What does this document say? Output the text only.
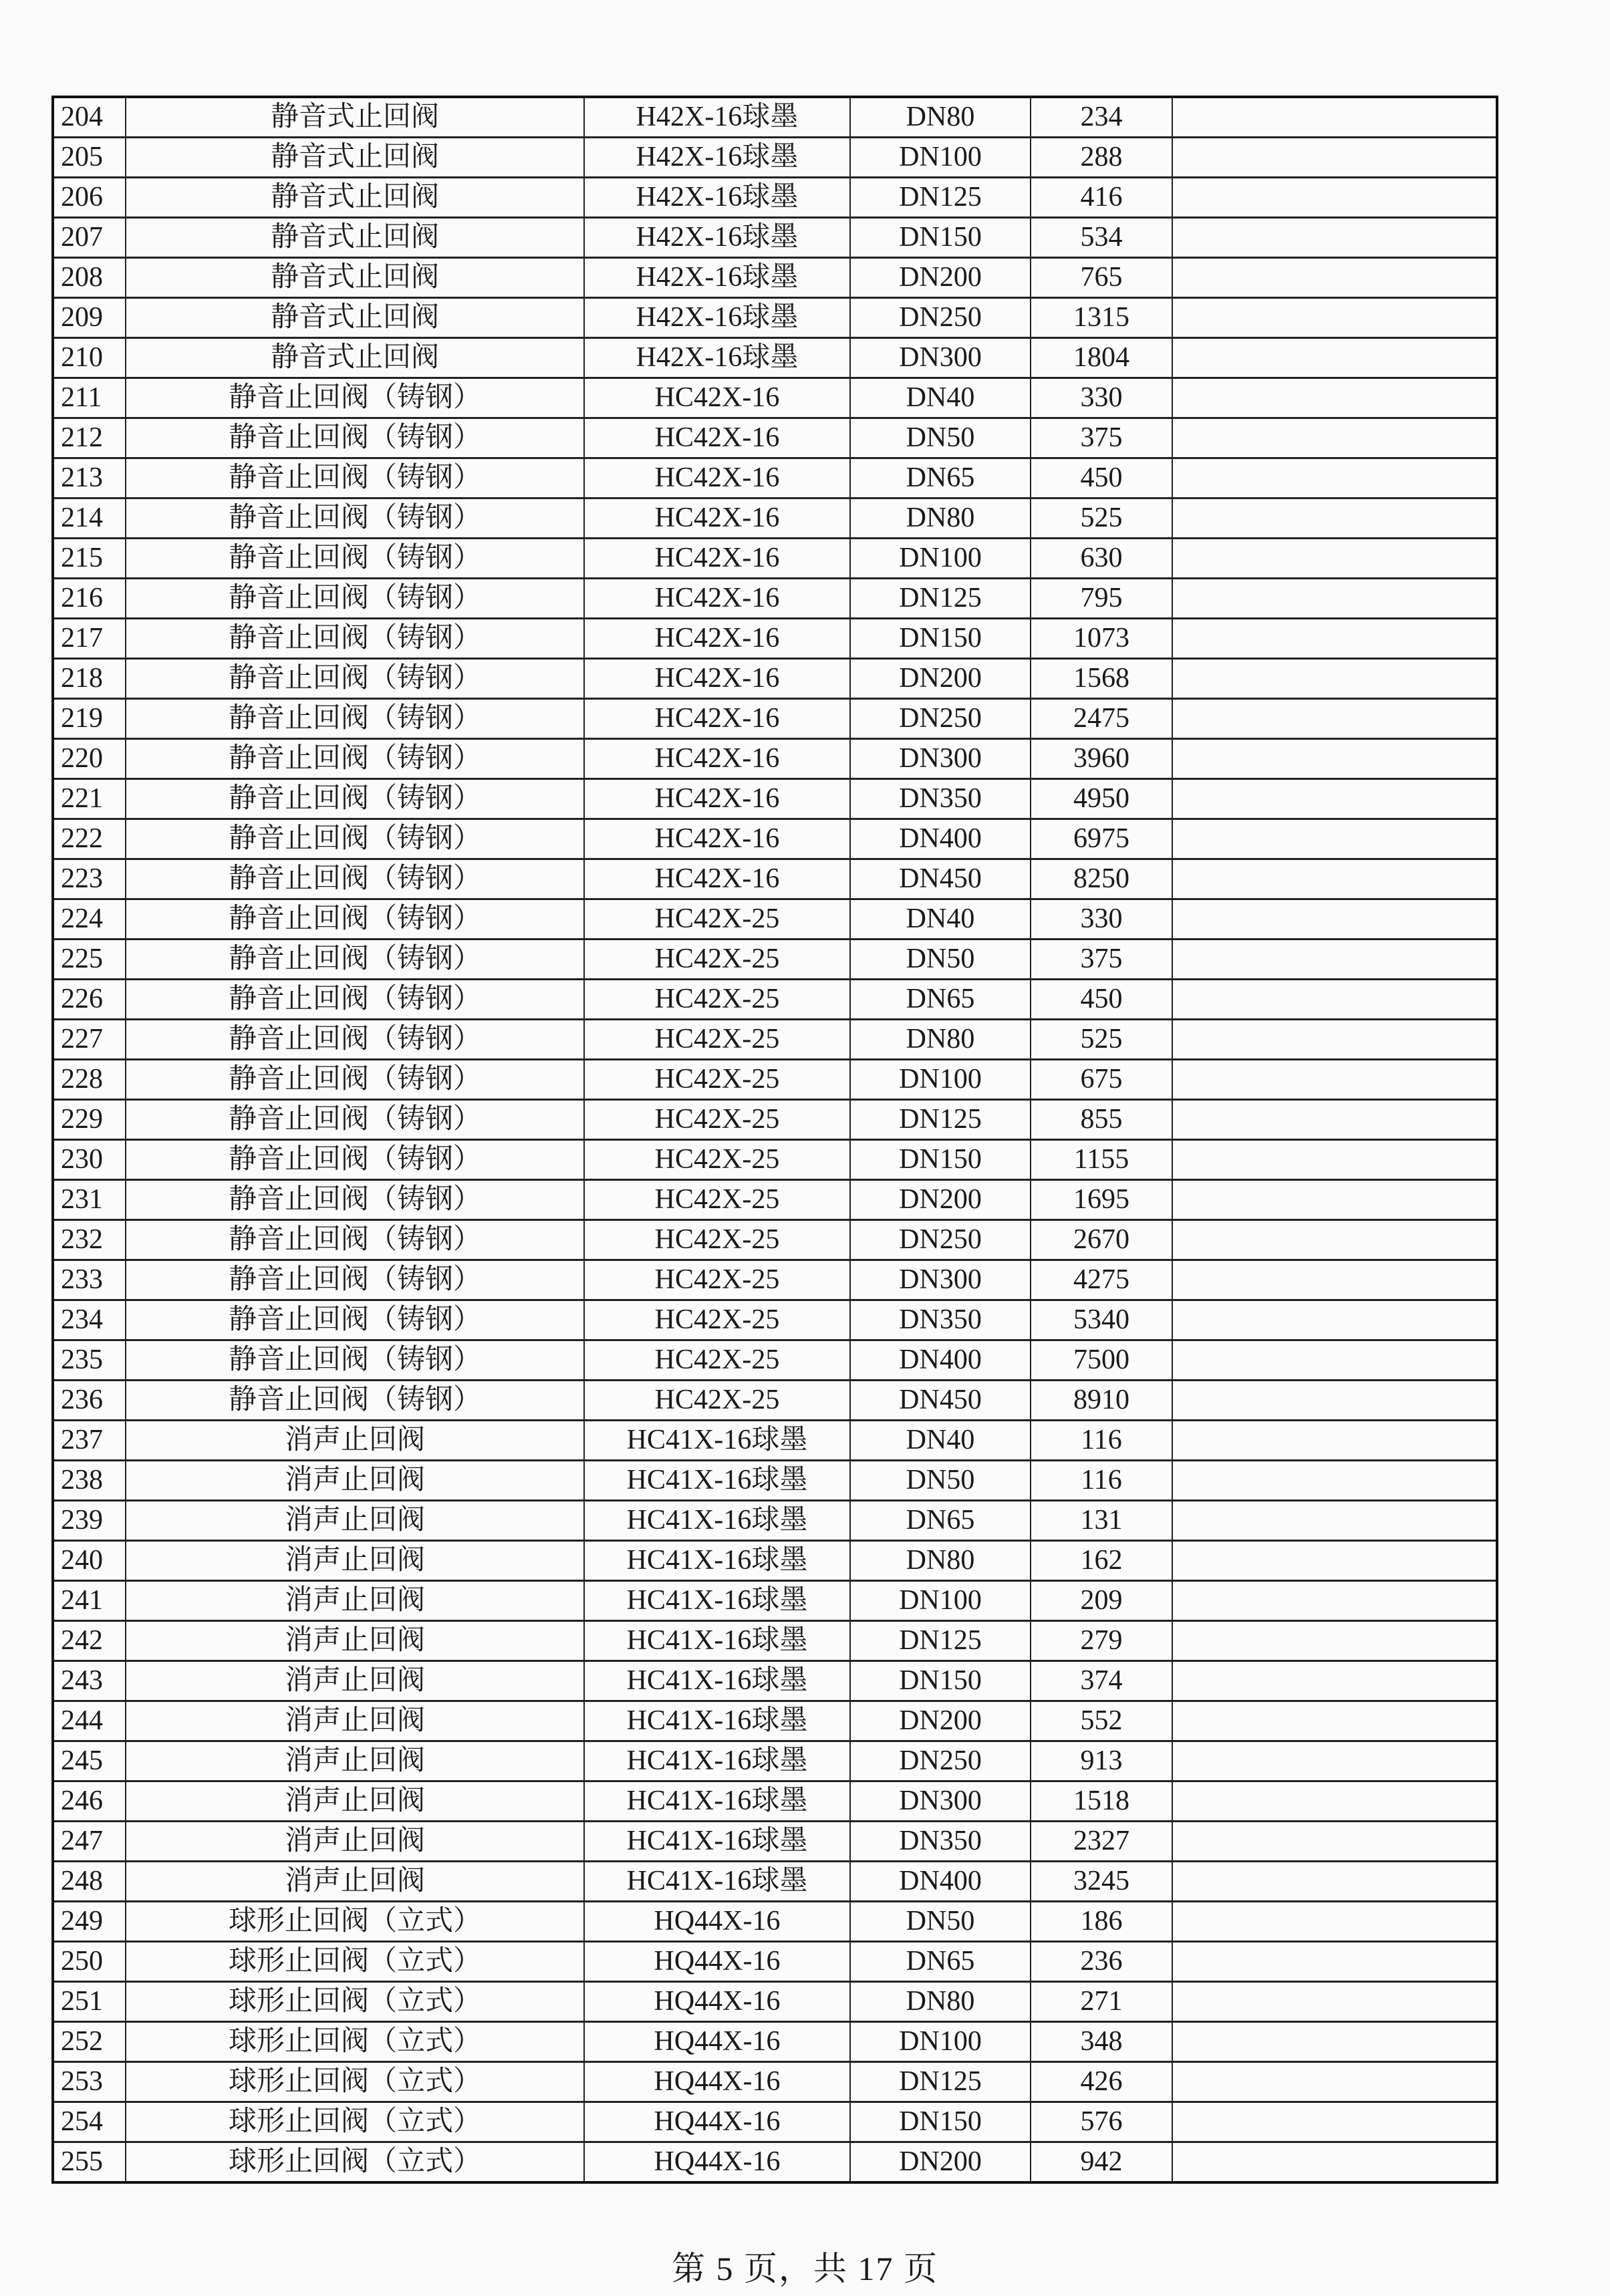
204	静音式止回阀	H42X-16球墨	DN80	234	
205	静音式止回阀	H42X-16球墨	DN100	288	
206	静音式止回阀	H42X-16球墨	DN125	416	
207	静音式止回阀	H42X-16球墨	DN150	534	
208	静音式止回阀	H42X-16球墨	DN200	765	
209	静音式止回阀	H42X-16球墨	DN250	1315	
210	静音式止回阀	H42X-16球墨	DN300	1804	
211	静音止回阀（铸钢）	HC42X-16	DN40	330	
212	静音止回阀（铸钢）	HC42X-16	DN50	375	
213	静音止回阀（铸钢）	HC42X-16	DN65	450	
214	静音止回阀（铸钢）	HC42X-16	DN80	525	
215	静音止回阀（铸钢）	HC42X-16	DN100	630	
216	静音止回阀（铸钢）	HC42X-16	DN125	795	
217	静音止回阀（铸钢）	HC42X-16	DN150	1073	
218	静音止回阀（铸钢）	HC42X-16	DN200	1568	
219	静音止回阀（铸钢）	HC42X-16	DN250	2475	
220	静音止回阀（铸钢）	HC42X-16	DN300	3960	
221	静音止回阀（铸钢）	HC42X-16	DN350	4950	
222	静音止回阀（铸钢）	HC42X-16	DN400	6975	
223	静音止回阀（铸钢）	HC42X-16	DN450	8250	
224	静音止回阀（铸钢）	HC42X-25	DN40	330	
225	静音止回阀（铸钢）	HC42X-25	DN50	375	
226	静音止回阀（铸钢）	HC42X-25	DN65	450	
227	静音止回阀（铸钢）	HC42X-25	DN80	525	
228	静音止回阀（铸钢）	HC42X-25	DN100	675	
229	静音止回阀（铸钢）	HC42X-25	DN125	855	
230	静音止回阀（铸钢）	HC42X-25	DN150	1155	
231	静音止回阀（铸钢）	HC42X-25	DN200	1695	
232	静音止回阀（铸钢）	HC42X-25	DN250	2670	
233	静音止回阀（铸钢）	HC42X-25	DN300	4275	
234	静音止回阀（铸钢）	HC42X-25	DN350	5340	
235	静音止回阀（铸钢）	HC42X-25	DN400	7500	
236	静音止回阀（铸钢）	HC42X-25	DN450	8910	
237	消声止回阀	HC41X-16球墨	DN40	116	
238	消声止回阀	HC41X-16球墨	DN50	116	
239	消声止回阀	HC41X-16球墨	DN65	131	
240	消声止回阀	HC41X-16球墨	DN80	162	
241	消声止回阀	HC41X-16球墨	DN100	209	
242	消声止回阀	HC41X-16球墨	DN125	279	
243	消声止回阀	HC41X-16球墨	DN150	374	
244	消声止回阀	HC41X-16球墨	DN200	552	
245	消声止回阀	HC41X-16球墨	DN250	913	
246	消声止回阀	HC41X-16球墨	DN300	1518	
247	消声止回阀	HC41X-16球墨	DN350	2327	
248	消声止回阀	HC41X-16球墨	DN400	3245	
249	球形止回阀（立式）	HQ44X-16	DN50	186	
250	球形止回阀（立式）	HQ44X-16	DN65	236	
251	球形止回阀（立式）	HQ44X-16	DN80	271	
252	球形止回阀（立式）	HQ44X-16	DN100	348	
253	球形止回阀（立式）	HQ44X-16	DN125	426	
254	球形止回阀（立式）	HQ44X-16	DN150	576	
255	球形止回阀（立式）	HQ44X-16	DN200	942	
第 5 页，共 17 页
